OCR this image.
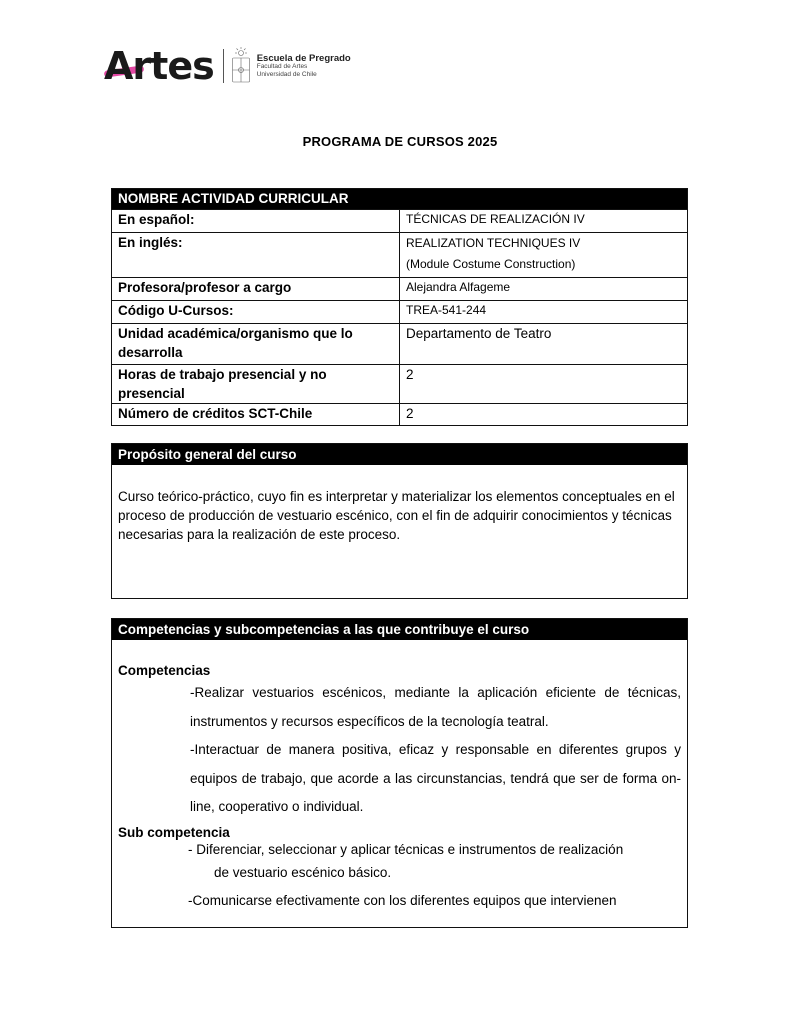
Artes	Escuela de Pregrado
Facultad de Artes
Universidad de Chile
PROGRAMA DE CURSOS 2025
NOMBRE ACTIVIDAD CURRICULAR	
En español:	TÉCNICAS DE REALIZACIÓN IV
En inglés:	REALIZATION TECHNIQUES IV
(Module Costume Construction)

Profesora/profesor a cargo	Alejandra Alfageme
Código U-Cursos:	TREA-541-244
Unidad académica/organismo que lo desarrolla	Departamento de Teatro
Horas de trabajo presencial y no presencial	2
Número de créditos SCT-Chile	2
Propósito general del curso
Curso teórico-práctico, cuyo fin es interpretar y materializar los elementos conceptuales en el proceso de producción de vestuario escénico, con el fin de adquirir conocimientos y técnicas necesarias para la realización de este proceso.
Competencias y subcompetencias a las que contribuye el curso
Competencias
-Realizar vestuarios escénicos, mediante la aplicación eficiente de técnicas, instrumentos y recursos específicos de la tecnología teatral.
-Interactuar de manera positiva, eficaz y responsable en diferentes grupos y equipos de trabajo, que acorde a las circunstancias, tendrá que ser de forma on-line, cooperativo o individual.
Sub competencia
- Diferenciar, seleccionar y aplicar técnicas e instrumentos de realización
de vestuario escénico básico.
-Comunicarse efectivamente con los diferentes equipos que intervienen
